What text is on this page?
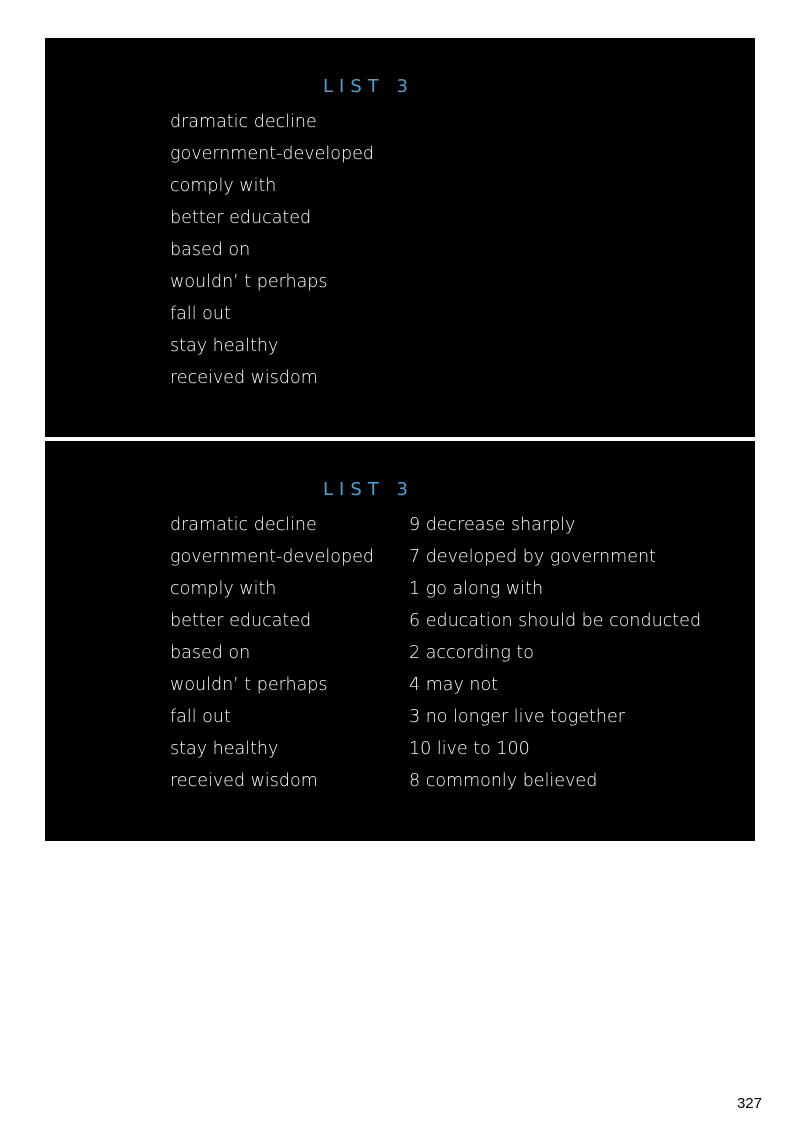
LIST 3
dramatic decline
government-developed
comply with
better educated
based on
wouldn’ t perhaps
fall out
stay healthy
received wisdom
LIST 3
dramatic decline
government-developed
comply with
better educated
based on
wouldn’ t perhaps
fall out
stay healthy
received wisdom
9 decrease sharply
7 developed by government
1 go along with
6 education should be conducted
2 according to
4 may not
3 no longer live together
10 live to 100
8 commonly believed
327
